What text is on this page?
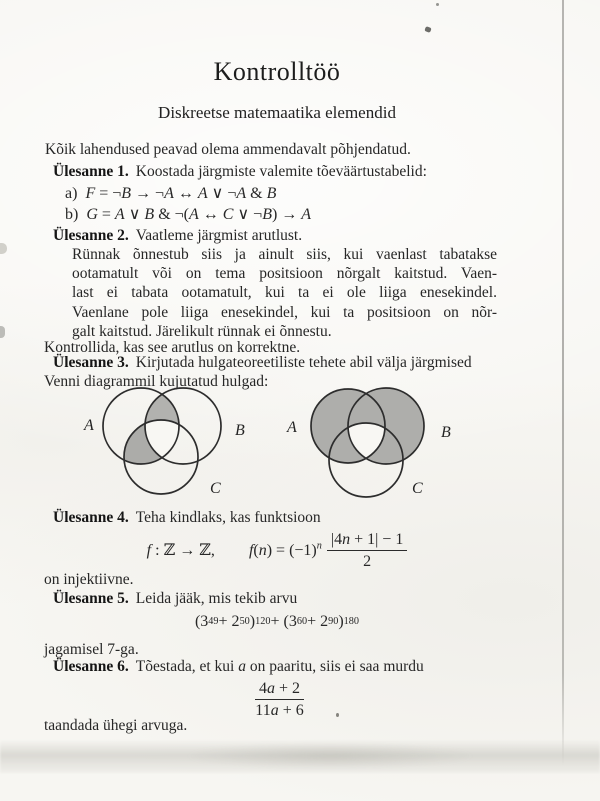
Kontrolltöö
Diskreetse matemaatika elemendid
Kõik lahendused peavad olema ammendavalt põhjendatud.
Ülesanne 1. Koostada järgmiste valemite tõeväärtustabelid:
a) F = ¬B → ¬A ↔ A ∨ ¬A & B
b) G = A ∨ B & ¬(A ↔ C ∨ ¬B) → A
Ülesanne 2. Vaatleme järgmist arutlust.
Rünnak õnnestub siis ja ainult siis, kui vaenlast tabatakse
ootamatult või on tema positsioon nõrgalt kaitstud. Vaen-
last ei tabata ootamatult, kui ta ei ole liiga enesekindel.
Vaenlane pole liiga enesekindel, kui ta positsioon on nõr-
galt kaitstud. Järelikult rünnak ei õnnestu.
Kontrollida, kas see arutlus on korrektne.
Ülesanne 3. Kirjutada hulgateoreetiliste tehete abil välja järgmised
Venni diagrammil kujutatud hulgad:
A	B
C
A	B
C
Ülesanne 4. Teha kindlaks, kas funktsioon
f : ℤ → ℤ, $f(n) = (-1)^n \frac{|4n + 1| - 1}{2}$
on injektiivne.
Ülesanne 5. Leida jääk, mis tekib arvu
( 3 49 + 2 50 ) 120 + ( 3 60 + 2 90 ) 180
jagamisel 7-ga.
Ülesanne 6. Tõestada, et kui a on paaritu, siis ei saa murdu
$\frac{4a + 2}{11a + 6}$
taandada ühegi arvuga.
